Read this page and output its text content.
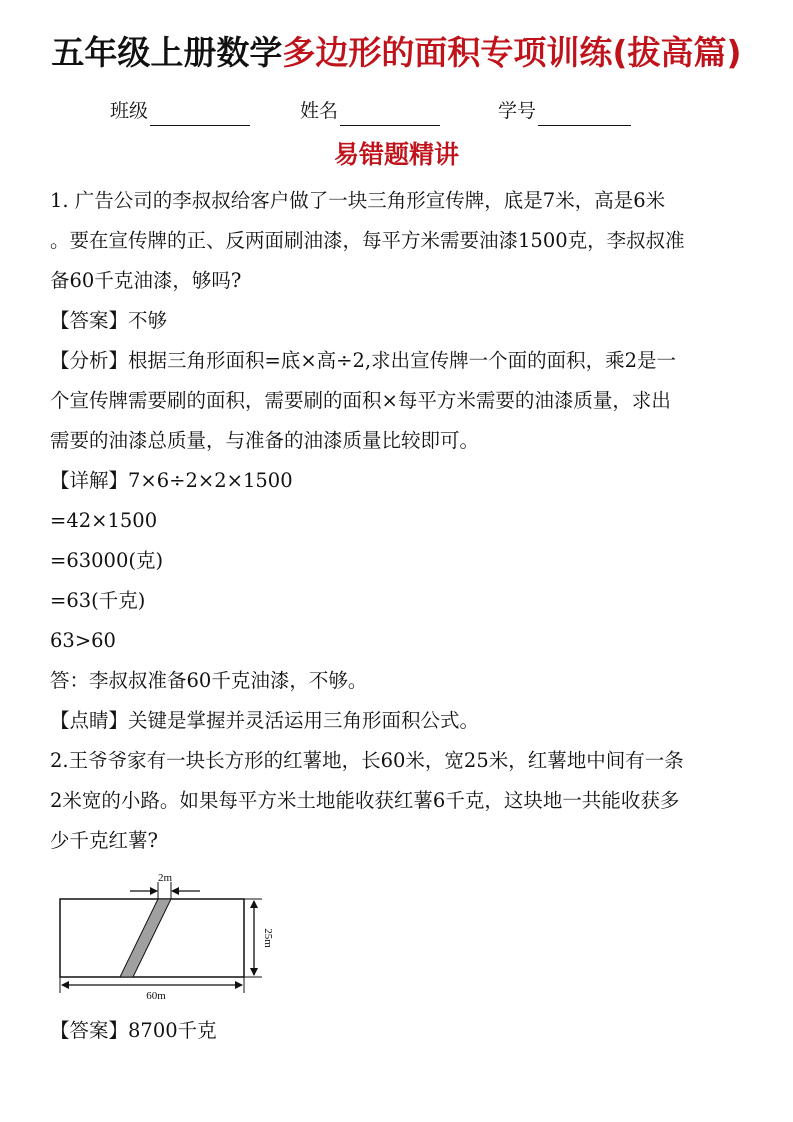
五年级上册数学多边形的面积专项训练(拔高篇)
班级	姓名	学号
易错题精讲
1. 广告公司的李叔叔给客户做了一块三角形宣传牌，底是7米，高是6米
。要在宣传牌的正、反两面刷油漆，每平方米需要油漆1500克，李叔叔准
备60千克油漆，够吗?
【答案】不够
【分析】根据三角形面积=底×高÷2,求出宣传牌一个面的面积，乘2是一
个宣传牌需要刷的面积，需要刷的面积×每平方米需要的油漆质量，求出
需要的油漆总质量，与准备的油漆质量比较即可。
【详解】7×6÷2×2×1500
=42×1500
=63000(克)
=63(千克)
63>60
答：李叔叔准备60千克油漆，不够。
【点睛】关键是掌握并灵活运用三角形面积公式。
2.王爷爷家有一块长方形的红薯地，长60米，宽25米，红薯地中间有一条
2米宽的小路。如果每平方米土地能收获红薯6千克，这块地一共能收获多
少千克红薯?
2m
25m
60m
【答案】8700千克
